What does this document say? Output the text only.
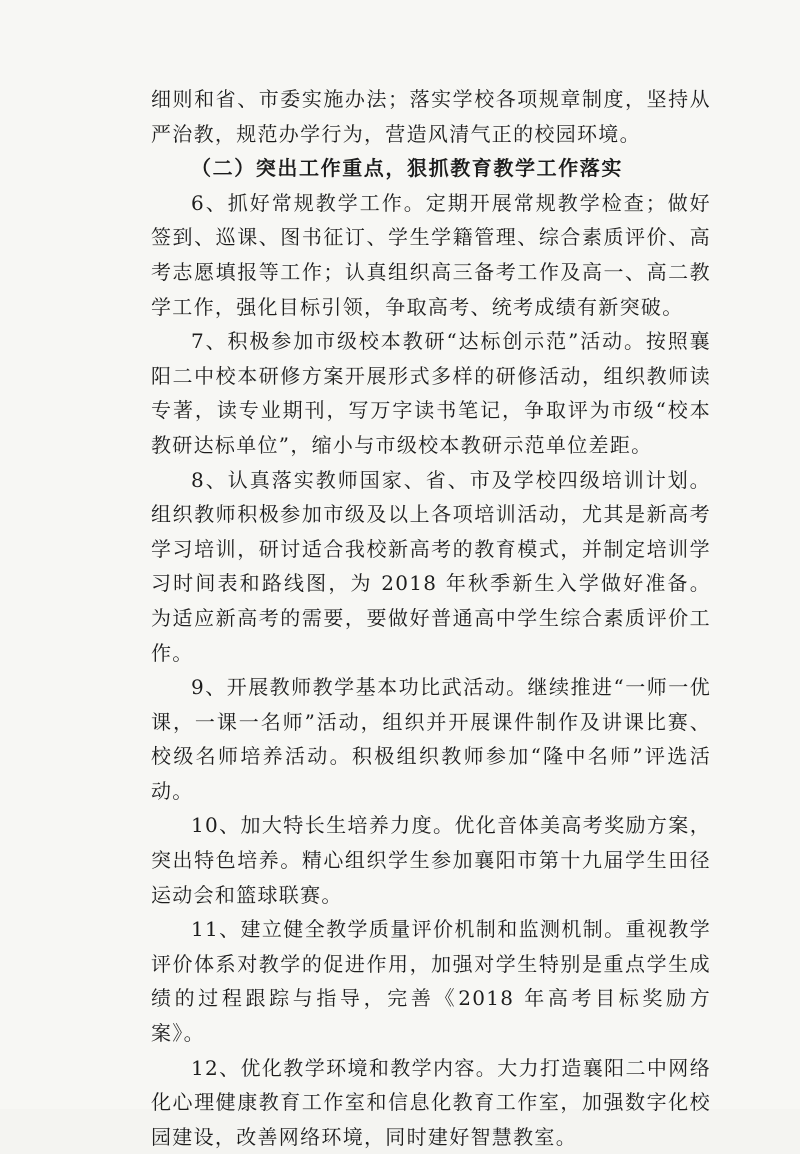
细则和省、市委实施办法；落实学校各项规章制度，坚持从严治教，规范办学行为，营造风清气正的校园环境。

（二）突出工作重点，狠抓教育教学工作落实

6、抓好常规教学工作。定期开展常规教学检查；做好签到、巡课、图书征订、学生学籍管理、综合素质评价、高考志愿填报等工作；认真组织高三备考工作及高一、高二教学工作，强化目标引领，争取高考、统考成绩有新突破。

7、积极参加市级校本教研“达标创示范”活动。按照襄阳二中校本研修方案开展形式多样的研修活动，组织教师读专著，读专业期刊，写万字读书笔记，争取评为市级“校本教研达标单位”，缩小与市级校本教研示范单位差距。

8、认真落实教师国家、省、市及学校四级培训计划。组织教师积极参加市级及以上各项培训活动，尤其是新高考学习培训，研讨适合我校新高考的教育模式，并制定培训学习时间表和路线图，为 2018 年秋季新生入学做好准备。为适应新高考的需要，要做好普通高中学生综合素质评价工作。

9、开展教师教学基本功比武活动。继续推进“一师一优课，一课一名师”活动，组织并开展课件制作及讲课比赛、校级名师培养活动。积极组织教师参加“隆中名师”评选活动。

10、加大特长生培养力度。优化音体美高考奖励方案，突出特色培养。精心组织学生参加襄阳市第十九届学生田径运动会和篮球联赛。

11、建立健全教学质量评价机制和监测机制。重视教学评价体系对教学的促进作用，加强对学生特别是重点学生成绩的过程跟踪与指导，完善《2018 年高考目标奖励方案》。

12、优化教学环境和教学内容。大力打造襄阳二中网络化心理健康教育工作室和信息化教育工作室，加强数字化校园建设，改善网络环境，同时建好智慧教室。
